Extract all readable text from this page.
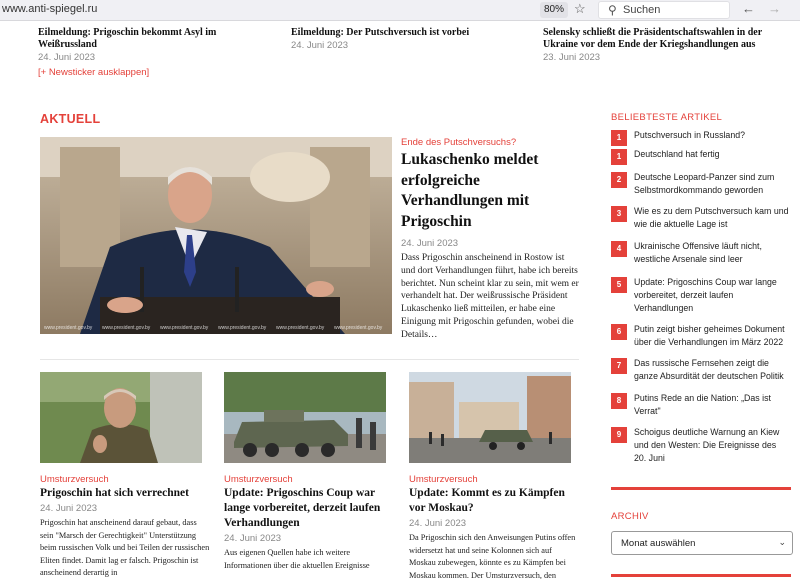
www.anti-spiegel.ru	80% ☆ ⚲ Suchen	← →
Eilmeldung: Prigoschin bekommt Asyl im Weißrussland
24. Juni 2023
Eilmeldung: Der Putschversuch ist vorbei
24. Juni 2023
Selensky schließt die Präsidentschaftswahlen in der Ukraine vor dem Ende der Kriegshandlungen aus
23. Juni 2023
[+ Newsticker ausklappen]
AKTUELL
www.president.gov.by www.president.gov.by www.president.gov.by www.president.gov.by www.president.gov.by www.president.gov.by
Ende des Putschversuchs?
Lukaschenko meldet erfolgreiche Verhandlungen mit Prigoschin
24. Juni 2023
Dass Prigoschin anscheinend in Rostow ist und dort Verhandlungen führt, habe ich bereits berichtet. Nun scheint klar zu sein, mit wem er verhandelt hat. Der weißrussische Präsident Lukaschenko ließ mitteilen, er habe eine Einigung mit Prigoschin gefunden, wobei die Details…
Umsturzversuch
Prigoschin hat sich verrechnet
24. Juni 2023
Prigoschin hat anscheinend darauf gebaut, dass sein "Marsch der Gerechtigkeit" Unterstützung beim russischen Volk und bei Teilen der russischen Eliten findet. Damit lag er falsch. Prigoschin ist anscheinend derartig in
Umsturzversuch
Update: Prigoschins Coup war lange vorbereitet, derzeit laufen Verhandlungen
24. Juni 2023
Aus eigenen Quellen habe ich weitere Informationen über die aktuellen Ereignisse
Umsturzversuch
Update: Kommt es zu Kämpfen vor Moskau?
24. Juni 2023
Da Prigoschin sich den Anweisungen Putins offen widersetzt hat und seine Kolonnen sich auf Moskau zubewegen, könnte es zu Kämpfen bei Moskau kommen. Der Umsturzversuch, den
BELIEBTESTE ARTIKEL
1	Putschversuch in Russland?
1	Deutschland hat fertig
2	Deutsche Leopard-Panzer sind zum Selbstmordkommando geworden
3	Wie es zu dem Putschversuch kam und wie die aktuelle Lage ist
4	Ukrainische Offensive läuft nicht, westliche Arsenale sind leer
5	Update: Prigoschins Coup war lange vorbereitet, derzeit laufen Verhandlungen
6	Putin zeigt bisher geheimes Dokument über die Verhandlungen im März 2022
7	Das russische Fernsehen zeigt die ganze Absurdität der deutschen Politik
8	Putins Rede an die Nation: „Das ist Verrat"
9	Schoigus deutliche Warnung an Kiew und den Westen: Die Ereignisse des 20. Juni
ARCHIV
Monat auswählen	⌄
